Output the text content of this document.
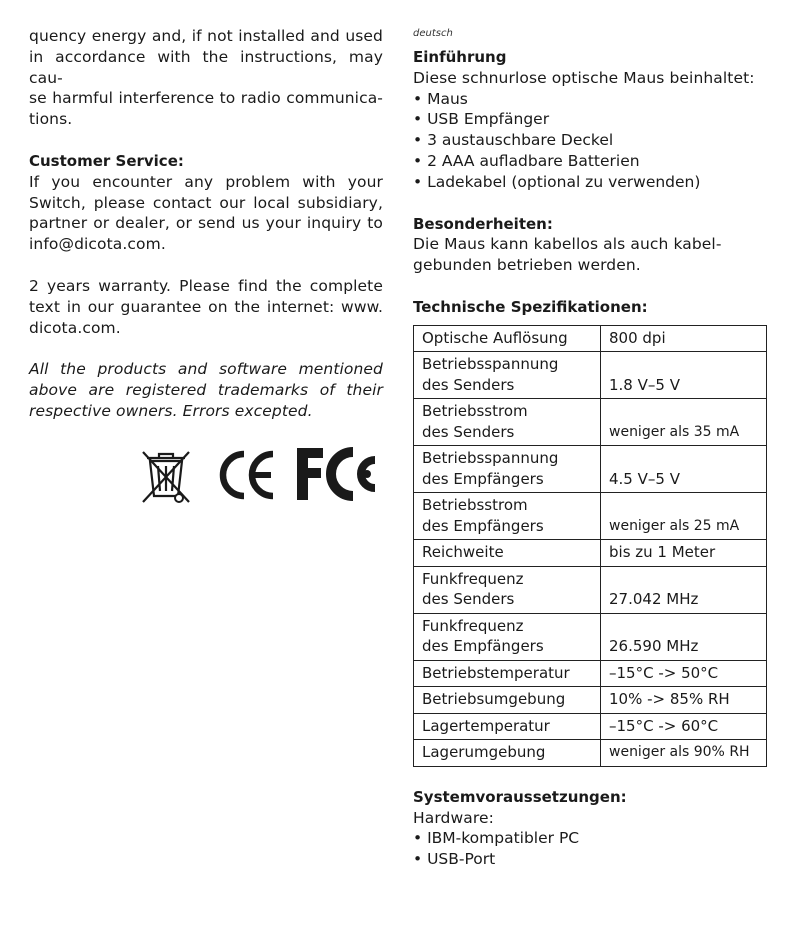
quency energy and, if not installed and used
in accordance with the instructions, may cau-
se harmful interference to radio communica-
tions.

Customer Service:

If you encounter any problem with your
Switch, please contact our local subsidiary,
partner or dealer, or send us your inquiry to
info@dicota.com.

2 years warranty. Please find the complete
text in our guarantee on the internet: www.
dicota.com.

All the products and software mentioned
above are registered trademarks of their
respective owners. Errors excepted.

deutsch

Einführung

Diese schnurlose optische Maus beinhaltet:

• Maus
• USB Empfänger
• 3 austauschbare Deckel
• 2 AAA aufladbare Batterien
• Ladekabel (optional zu verwenden)

Besonderheiten:

Die Maus kann kabellos als auch kabel-
gebunden betrieben werden.

Technische Spezifikationen:

Optische Auflösung	800 dpi

Betriebsspannung
des Senders	1.8 V–5 V

Betriebsstrom
des Senders	weniger als 35 mA

Betriebsspannung
des Empfängers	4.5 V–5 V

Betriebsstrom
des Empfängers	weniger als 25 mA

Reichweite	bis zu 1 Meter

Funkfrequenz
des Senders	27.042 MHz

Funkfrequenz
des Empfängers	26.590 MHz

Betriebstemperatur	–15°C -> 50°C

Betriebsumgebung	10% -> 85% RH

Lagertemperatur	–15°C -> 60°C

Lagerumgebung	weniger als 90% RH

Systemvoraussetzungen:

Hardware:

• IBM-kompatibler PC
• USB-Port
